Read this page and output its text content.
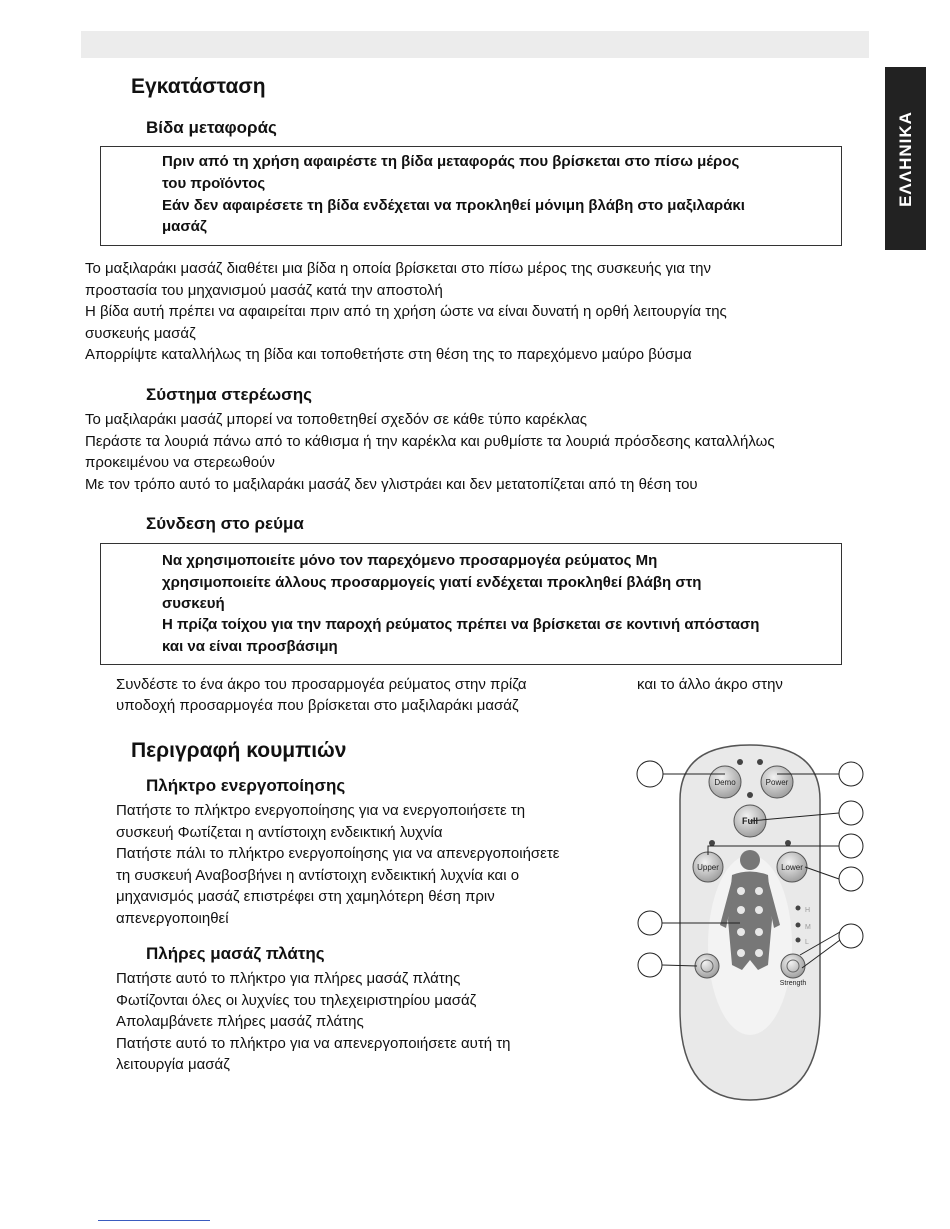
ΕΛΛΗΝΙΚΑ
Εγκατάσταση
Βίδα μεταφοράς
Πριν από τη χρήση αφαιρέστε τη βίδα μεταφοράς που βρίσκεται στο πίσω μέρος
του προϊόντος
Εάν δεν αφαιρέσετε τη βίδα ενδέχεται να προκληθεί μόνιμη βλάβη στο μαξιλαράκι
μασάζ
Το μαξιλαράκι μασάζ διαθέτει μια βίδα η οποία βρίσκεται στο πίσω μέρος της συσκευής για την
προστασία του μηχανισμού μασάζ κατά την αποστολή
Η βίδα αυτή πρέπει να αφαιρείται πριν από τη χρήση ώστε να είναι δυνατή η ορθή λειτουργία της
συσκευής μασάζ
Απορρίψτε καταλλήλως τη βίδα και τοποθετήστε στη θέση της το παρεχόμενο μαύρο βύσμα
Σύστημα στερέωσης
Το μαξιλαράκι μασάζ μπορεί να τοποθετηθεί σχεδόν σε κάθε τύπο καρέκλας
Περάστε τα λουριά πάνω από το κάθισμα ή την καρέκλα και ρυθμίστε τα λουριά πρόσδεσης καταλλήλως
προκειμένου να στερεωθούν
Με τον τρόπο αυτό το μαξιλαράκι μασάζ δεν γλιστράει και δεν μετατοπίζεται από τη θέση του
Σύνδεση στο ρεύμα
Να χρησιμοποιείτε μόνο τον παρεχόμενο προσαρμογέα ρεύματος Μη
χρησιμοποιείτε άλλους προσαρμογείς γιατί ενδέχεται προκληθεί βλάβη στη
συσκευή
Η πρίζα τοίχου για την παροχή ρεύματος πρέπει να βρίσκεται σε κοντινή απόσταση
και να είναι προσβάσιμη
Συνδέστε το ένα άκρο του προσαρμογέα ρεύματος στην πρίζα	και το άλλο άκρο στην
υποδοχή προσαρμογέα που βρίσκεται στο μαξιλαράκι μασάζ
Περιγραφή κουμπιών
Πλήκτρο ενεργοποίησης
Πατήστε το πλήκτρο ενεργοποίησης για να ενεργοποιήσετε τη
συσκευή Φωτίζεται η αντίστοιχη ενδεικτική λυχνία
Πατήστε πάλι το πλήκτρο ενεργοποίησης για να απενεργοποιήσετε
τη συσκευή Αναβοσβήνει η αντίστοιχη ενδεικτική λυχνία και ο
μηχανισμός μασάζ επιστρέφει στη χαμηλότερη θέση πριν
απενεργοποιηθεί
Πλήρες μασάζ πλάτης
Πατήστε αυτό το πλήκτρο για πλήρες μασάζ πλάτης
Φωτίζονται όλες οι λυχνίες του τηλεχειριστηρίου μασάζ
Απολαμβάνετε πλήρες μασάζ πλάτης
Πατήστε αυτό το πλήκτρο για να απενεργοποιήσετε αυτή τη
λειτουργία μασάζ
Demo	Power
Full
Upper	Lower
H
M
L
Strength
